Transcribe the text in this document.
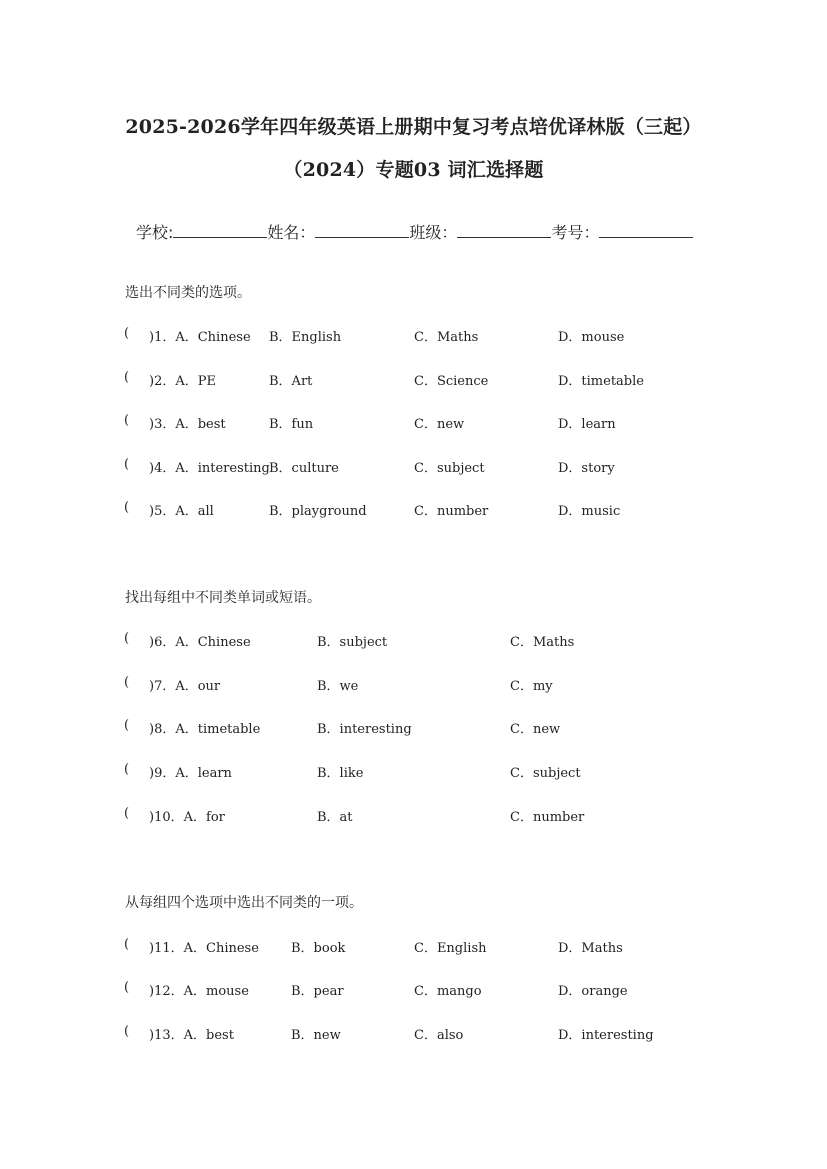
2025-2026学年四年级英语上册期中复习考点培优译林版（三起）
（2024）专题03 词汇选择题
学校:	姓名：	班级：	考号：
选出不同类的选项。
( )1．A．Chinese B．English	C．Maths	D．mouse
( )2．A．PE	B．Art	C．Science	D．timetable
( )3．A．best	B．fun	C．new	D．learn
( )4．A．interesting B．culture	C．subject	D．story
( )5．A．all	B．playground	C．number	D．music
找出每组中不同类单词或短语。
( )6．A．Chinese	B．subject	C．Maths
( )7．A．our	B．we	C．my
( )8．A．timetable	B．interesting	C．new
( )9．A．learn	B．like	C．subject
( )10．A．for	B．at	C．number
从每组四个选项中选出不同类的一项。
( )11．A．Chinese B．book	C．English	D．Maths
( )12．A．mouse	B．pear	C．mango	D．orange
( )13．A．best	B．new	C．also	D．interesting
